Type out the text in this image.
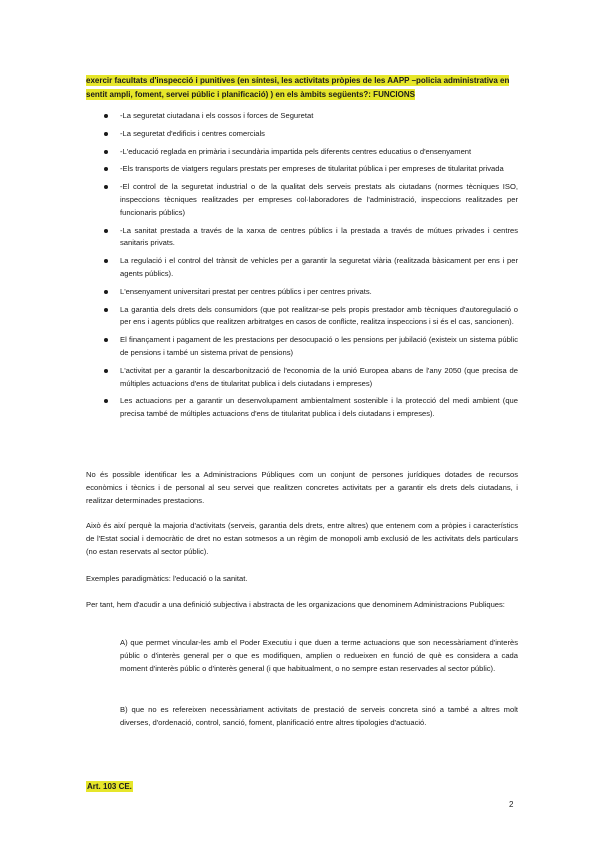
exercir facultats d'inspecció i punitives (en síntesi, les activitats pròpies de les AAPP –policia administrativa en sentit ampli, foment, servei públic i planificació) ) en els àmbits següents?: FUNCIONS
-La seguretat ciutadana i els cossos i forces de Seguretat
-La seguretat d'edificis i centres comercials
-L'educació reglada en primària i secundària impartida pels diferents centres educatius o d'ensenyament
-Els transports de viatgers regulars prestats per empreses de titularitat pública i per empreses de titularitat privada
-El control de la seguretat industrial o de la qualitat dels serveis prestats als ciutadans (normes tècniques ISO, inspeccions tècniques realitzades per empreses col·laboradores de l'administració, inspeccions realitzades per funcionaris públics)
-La sanitat prestada a través de la xarxa de centres públics i la prestada a través de mútues privades i centres sanitaris privats.
La regulació i el control del trànsit de vehicles per a garantir la seguretat viària (realitzada bàsicament per ens i per agents públics).
L'ensenyament universitari prestat per centres públics i per centres privats.
La garantia dels drets dels consumidors (que pot realitzar-se pels propis prestador amb tècniques d'autoregulació o per ens i agents públics que realitzen arbitratges en casos de conflicte, realitza inspeccions i si és el cas, sancionen).
El finançament i pagament de les prestacions per desocupació o les pensions per jubilació (existeix un sistema públic de pensions i també un sistema privat de pensions)
L'activitat per a garantir la descarbonització de l'economia de la unió Europea abans de l'any 2050 (que precisa de múltiples actuacions d'ens de titularitat publica i dels ciutadans i empreses)
Les actuacions per a garantir un desenvolupament ambientalment sostenible i la protecció del medi ambient (que precisa també de múltiples actuacions d'ens de titularitat publica i dels ciutadans i empreses).

No és possible identificar les a Administracions Públiques com un conjunt de persones jurídiques dotades de recursos econòmics i tècnics i de personal al seu servei que realitzen concretes activitats per a garantir els drets dels ciutadans, i realitzar determinades prestacions.

Això és així perquè la majoria d'activitats (serveis, garantia dels drets, entre altres) que entenem com a pròpies i característics de l'Estat social i democràtic de dret no estan sotmesos a un règim de monopoli amb exclusió de les activitats dels particulars (no estan reservats al sector públic).

Exemples paradigmàtics: l'educació o la sanitat.

Per tant, hem d'acudir a una definició subjectiva i abstracta de les organizacions que denominem Administracions Publiques:

A) que permet vincular-les amb el Poder Executiu i que duen a terme actuacions que son necessàriament d'interès públic o d'interès general per o que es modifiquen, amplien o redueixen en funció de què es considera a cada moment d'interès públic o d'interès general (i que habitualment, o no sempre estan reservades al sector públic).

B) que no es refereixen necessàriament activitats de prestació de serveis concreta sinó a també a altres molt diverses, d'ordenació, control, sanció, foment, planificació entre altres tipologies d'actuació.

Art. 103 CE.
2
